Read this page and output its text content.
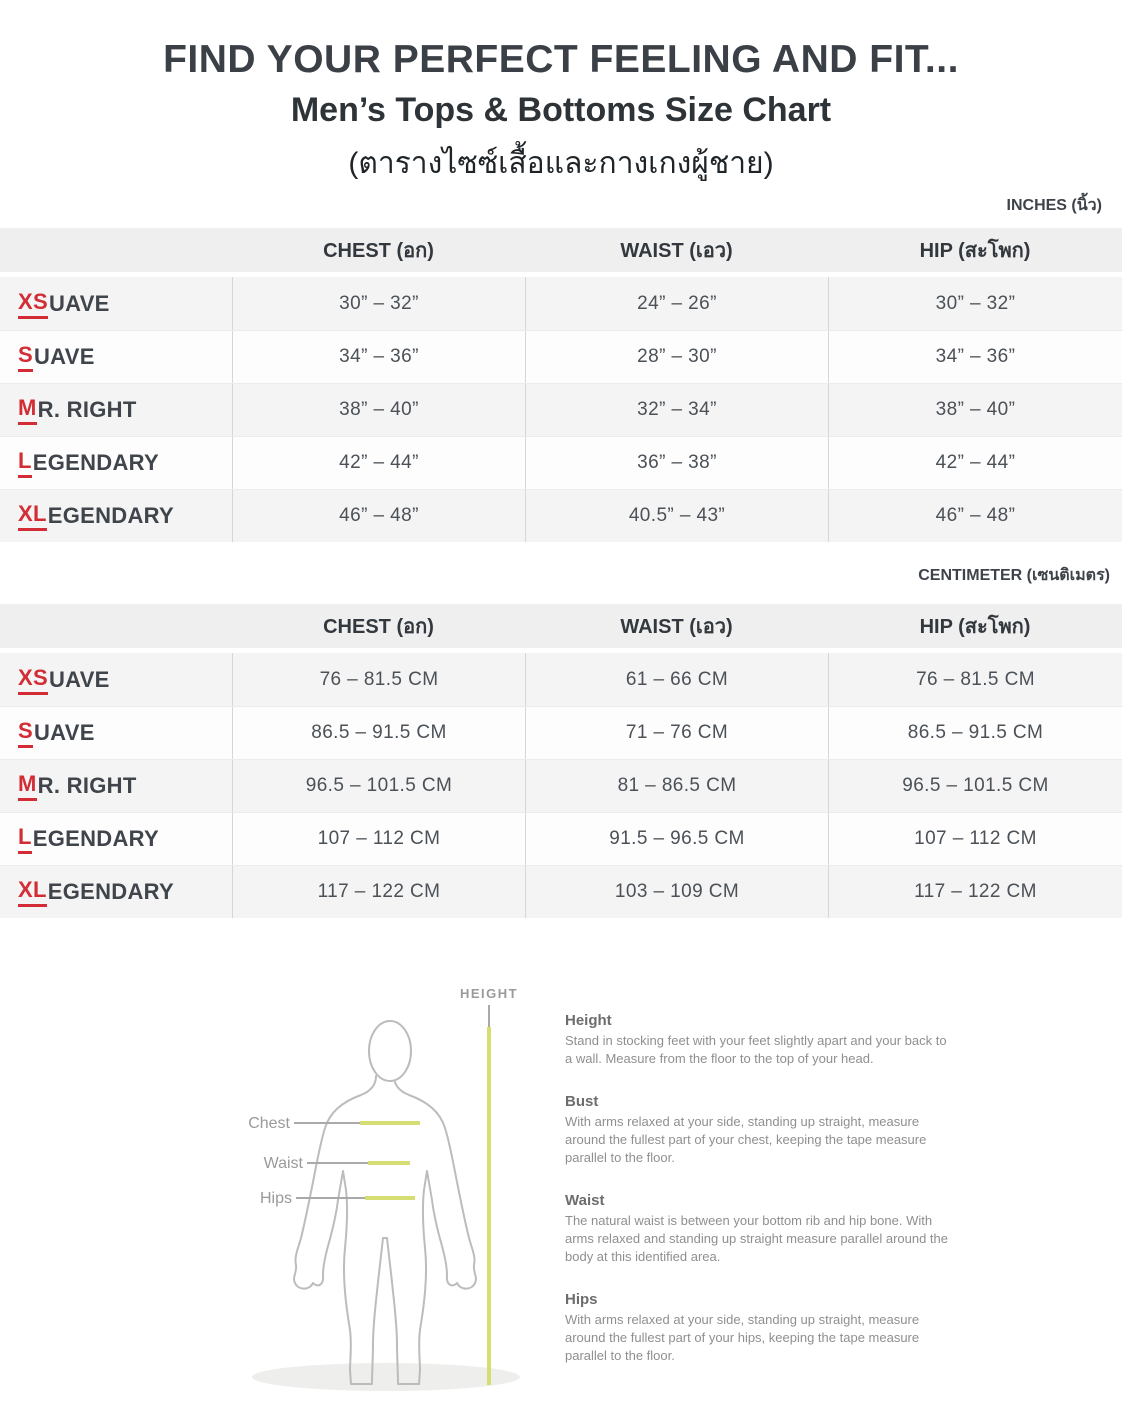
FIND YOUR PERFECT FEELING AND FIT...
Men’s Tops & Bottoms Size Chart
(ตารางไซซ์เสื้อและกางเกงผู้ชาย)
INCHES (นิ้ว)
CENTIMETER (เซนติเมตร)
CHEST (อก)	WAIST (เอว)	HIP (สะโพก)
XS UAVE	30” – 32”	24” – 26”	30” – 32”
S UAVE	34” – 36”	28” – 30”	34” – 36”
M R. RIGHT	38” – 40”	32” – 34”	38” – 40”
L EGENDARY	42” – 44”	36” – 38”	42” – 44”
XL EGENDARY	46” – 48”	40.5” – 43”	46” – 48”
CHEST (อก)	WAIST (เอว)	HIP (สะโพก)
XS UAVE	76 – 81.5 CM	61 – 66 CM	76 – 81.5 CM
S UAVE	86.5 – 91.5 CM	71 – 76 CM	86.5 – 91.5 CM
M R. RIGHT	96.5 – 101.5 CM	81 – 86.5 CM	96.5 – 101.5 CM
L EGENDARY	107 – 112 CM	91.5 – 96.5 CM	107 – 112 CM
XL EGENDARY	117 – 122 CM	103 – 109 CM	117 – 122 CM
HEIGHT
Chest
Waist
Hips
Height
Stand in stocking feet with your feet slightly apart and your back to a wall. Measure from the floor to the top of your head.
Bust
With arms relaxed at your side, standing up straight, measure around the fullest part of your chest, keeping the tape measure parallel to the floor.
Waist
The natural waist is between your bottom rib and hip bone. With arms relaxed and standing up straight measure parallel around the body at this identified area.
Hips
With arms relaxed at your side, standing up straight, measure around the fullest part of your hips, keeping the tape measure parallel to the floor.
